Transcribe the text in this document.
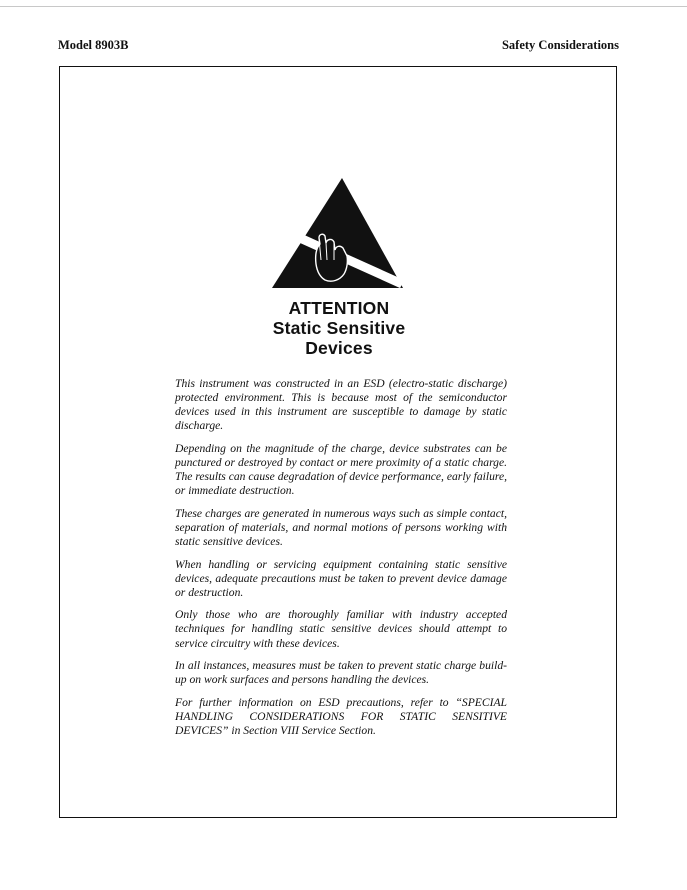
Model 8903B	Safety Considerations
ATTENTION
Static Sensitive
Devices

This instrument was constructed in an ESD (electro-static discharge) protected environment. This is because most of the semiconductor devices used in this instrument are susceptible to damage by static discharge.

Depending on the magnitude of the charge, device substrates can be punctured or destroyed by contact or mere proximity of a static charge. The results can cause degradation of device performance, early failure, or immediate destruction.

These charges are generated in numerous ways such as simple contact, separation of materials, and normal motions of persons working with static sensitive devices.

When handling or servicing equipment containing static sensitive devices, adequate precautions must be taken to prevent device damage or destruction.

Only those who are thoroughly familiar with industry accepted techniques for handling static sensitive devices should attempt to service circuitry with these devices.

In all instances, measures must be taken to prevent static charge build-up on work surfaces and persons handling the devices.

For further information on ESD precautions, refer to “SPECIAL HANDLING CONSIDERATIONS FOR STATIC SENSITIVE DEVICES” in Section VIII Service Section.
